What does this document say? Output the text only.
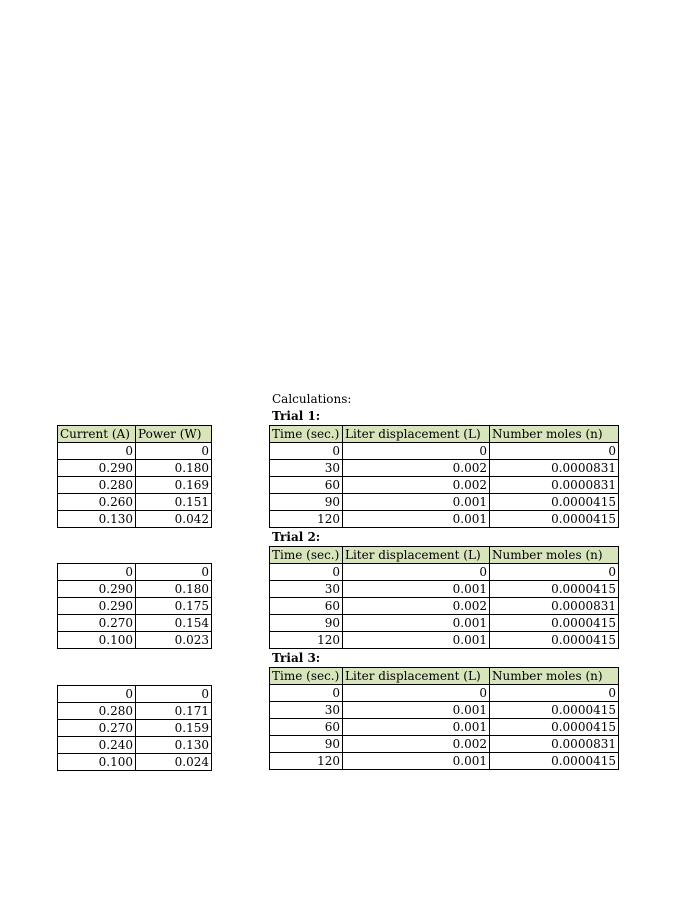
Calculations:
Current (A)	Power (W)
0	0
0.290	0.180
0.280	0.169
0.260	0.151
0.130	0.042
0	0
0.290	0.180
0.290	0.175
0.270	0.154
0.100	0.023
0	0
0.280	0.171
0.270	0.159
0.240	0.130
0.100	0.024
Trial 1:
Time (sec.)	Liter displacement (L)	Number moles (n)
0	0	0
30	0.002	0.0000831
60	0.002	0.0000831
90	0.001	0.0000415
120	0.001	0.0000415
Trial 2:
Time (sec.)	Liter displacement (L)	Number moles (n)
0	0	0
30	0.001	0.0000415
60	0.002	0.0000831
90	0.001	0.0000415
120	0.001	0.0000415
Trial 3:
Time (sec.)	Liter displacement (L)	Number moles (n)
0	0	0
30	0.001	0.0000415
60	0.001	0.0000415
90	0.002	0.0000831
120	0.001	0.0000415
